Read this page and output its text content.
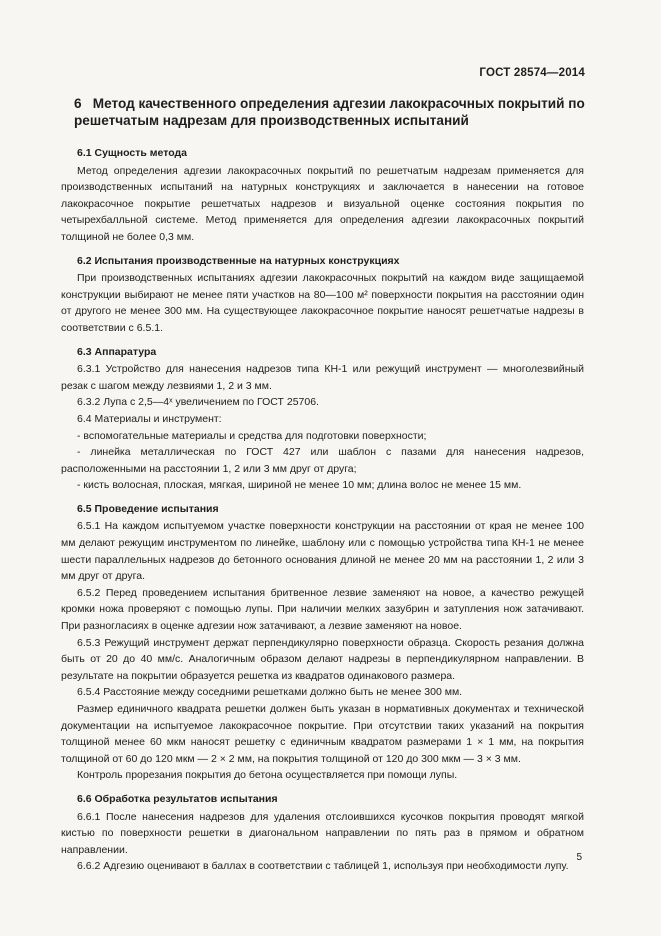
ГОСТ 28574—2014
6 Метод качественного определения адгезии лакокрасочных покрытий по решетчатым надрезам для производственных испытаний

6.1 Сущность метода

Метод определения адгезии лакокрасочных покрытий по решетчатым надрезам применяется для производственных испытаний на натурных конструкциях и заключается в нанесении на готовое лакокрасочное покрытие решетчатых надрезов и визуальной оценке состояния покрытия по четырехбалльной системе. Метод применяется для определения адгезии лакокрасочных покрытий толщиной не более 0,3 мм.

6.2 Испытания производственные на натурных конструкциях

При производственных испытаниях адгезии лакокрасочных покрытий на каждом виде защищаемой конструкции выбирают не менее пяти участков на 80—100 м² поверхности покрытия на расстоянии один от другого не менее 300 мм. На существующее лакокрасочное покрытие наносят решетчатые надрезы в соответствии с 6.5.1.

6.3 Аппаратура

6.3.1 Устройство для нанесения надрезов типа КН-1 или режущий инструмент — многолезвийный резак с шагом между лезвиями 1, 2 и 3 мм.

6.3.2 Лупа с 2,5—4ˣ увеличением по ГОСТ 25706.

6.4 Материалы и инструмент:

- вспомогательные материалы и средства для подготовки поверхности;

- линейка металлическая по ГОСТ 427 или шаблон с пазами для нанесения надрезов, расположенными на расстоянии 1, 2 или 3 мм друг от друга;

- кисть волосная, плоская, мягкая, шириной не менее 10 мм; длина волос не менее 15 мм.

6.5 Проведение испытания

6.5.1 На каждом испытуемом участке поверхности конструкции на расстоянии от края не менее 100 мм делают режущим инструментом по линейке, шаблону или с помощью устройства типа КН-1 не менее шести параллельных надрезов до бетонного основания длиной не менее 20 мм на расстоянии 1, 2 или 3 мм друг от друга.

6.5.2 Перед проведением испытания бритвенное лезвие заменяют на новое, а качество режущей кромки ножа проверяют с помощью лупы. При наличии мелких зазубрин и затупления нож затачивают. При разногласиях в оценке адгезии нож затачивают, а лезвие заменяют на новое.

6.5.3 Режущий инструмент держат перпендикулярно поверхности образца. Скорость резания должна быть от 20 до 40 мм/с. Аналогичным образом делают надрезы в перпендикулярном направлении. В результате на покрытии образуется решетка из квадратов одинакового размера.

6.5.4 Расстояние между соседними решетками должно быть не менее 300 мм.

Размер единичного квадрата решетки должен быть указан в нормативных документах и технической документации на испытуемое лакокрасочное покрытие. При отсутствии таких указаний на покрытия толщиной менее 60 мкм наносят решетку с единичным квадратом размерами 1 × 1 мм, на покрытия толщиной от 60 до 120 мкм — 2 × 2 мм, на покрытия толщиной от 120 до 300 мкм — 3 × 3 мм.

Контроль прорезания покрытия до бетона осуществляется при помощи лупы.

6.6 Обработка результатов испытания

6.6.1 После нанесения надрезов для удаления отслоившихся кусочков покрытия проводят мягкой кистью по поверхности решетки в диагональном направлении по пять раз в прямом и обратном направлении.

6.6.2 Адгезию оценивают в баллах в соответствии с таблицей 1, используя при необходимости лупу.

5
